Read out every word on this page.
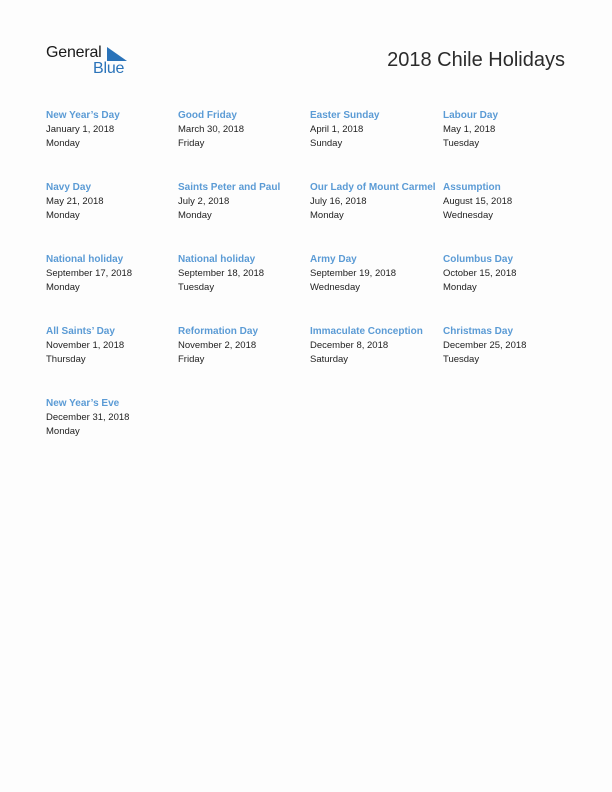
General
Blue	2018 Chile Holidays
New Year’s Day
January 1, 2018
Monday
Good Friday
March 30, 2018
Friday
Easter Sunday
April 1, 2018
Sunday
Labour Day
May 1, 2018
Tuesday
Navy Day
May 21, 2018
Monday
Saints Peter and Paul
July 2, 2018
Monday
Our Lady of Mount Carmel
July 16, 2018
Monday
Assumption
August 15, 2018
Wednesday
National holiday
September 17, 2018
Monday
National holiday
September 18, 2018
Tuesday
Army Day
September 19, 2018
Wednesday
Columbus Day
October 15, 2018
Monday
All Saints’ Day
November 1, 2018
Thursday
Reformation Day
November 2, 2018
Friday
Immaculate Conception
December 8, 2018
Saturday
Christmas Day
December 25, 2018
Tuesday
New Year’s Eve
December 31, 2018
Monday
